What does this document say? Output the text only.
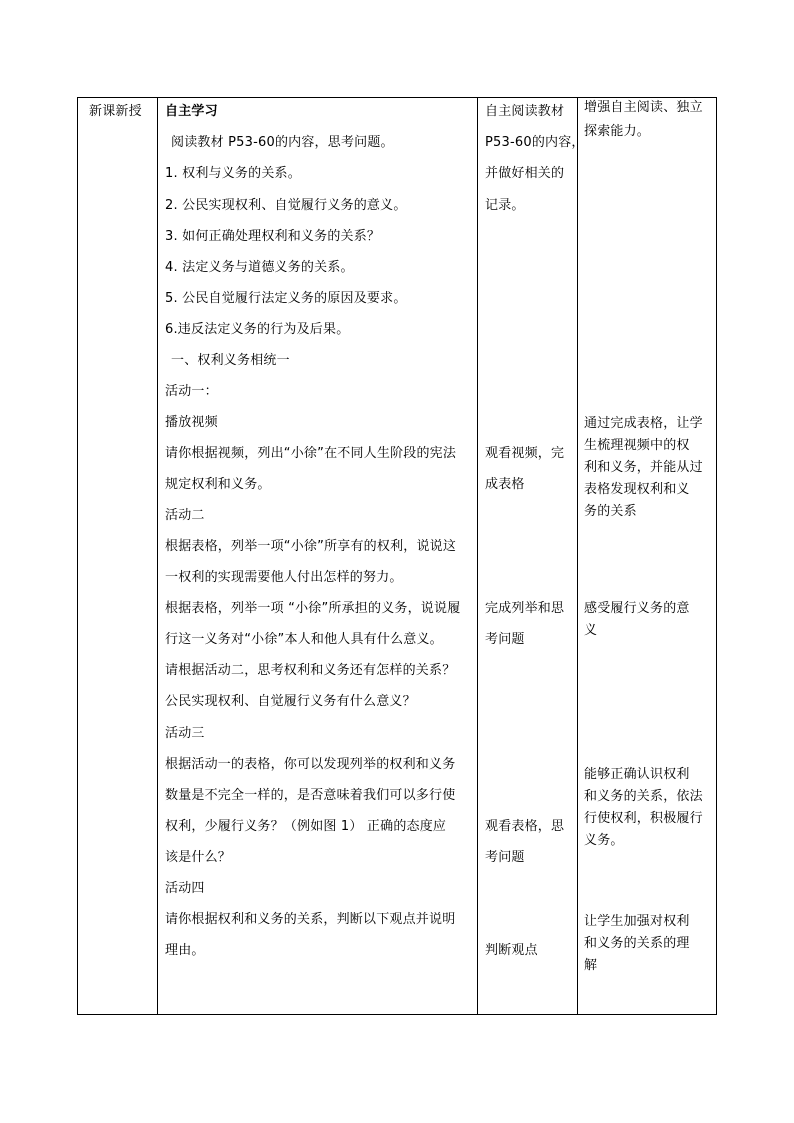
新课新授 自主学习
阅读教材 P53-60的内容，思考问题。
1. 权利与义务的关系。
2. 公民实现权利、自觉履行义务的意义。
3. 如何正确处理权利和义务的关系？
4. 法定义务与道德义务的关系。
5. 公民自觉履行法定义务的原因及要求。
6.违反法定义务的行为及后果。
一、权利义务相统一
活动一：
播放视频
请你根据视频，列出“小徐”在不同人生阶段的宪法
规定权利和义务。
活动二
根据表格，列举一项“小徐”所享有的权利，说说这
一权利的实现需要他人付出怎样的努力。
根据表格，列举一项 “小徐”所承担的义务，说说履
行这一义务对“小徐”本人和他人具有什么意义。
请根据活动二，思考权利和义务还有怎样的关系？
公民实现权利、自觉履行义务有什么意义？
活动三
根据活动一的表格，你可以发现列举的权利和义务
数量是不完全一样的，是否意味着我们可以多行使
权利，少履行义务？（例如图 1） 正确的态度应
该是什么？
活动四
请你根据权利和义务的关系，判断以下观点并说明
理由。
自主阅读教材
P53-60的内容，
并做好相关的
记录。
观看视频，完
成表格
完成列举和思
考问题
观看表格，思
考问题
判断观点
增强自主阅读、独立
探索能力。
通过完成表格，让学
生梳理视频中的权
利和义务，并能从过
表格发现权利和义
务的关系
感受履行义务的意
义
能够正确认识权利
和义务的关系，依法
行使权利，积极履行
义务。
让学生加强对权利
和义务的关系的理
解
